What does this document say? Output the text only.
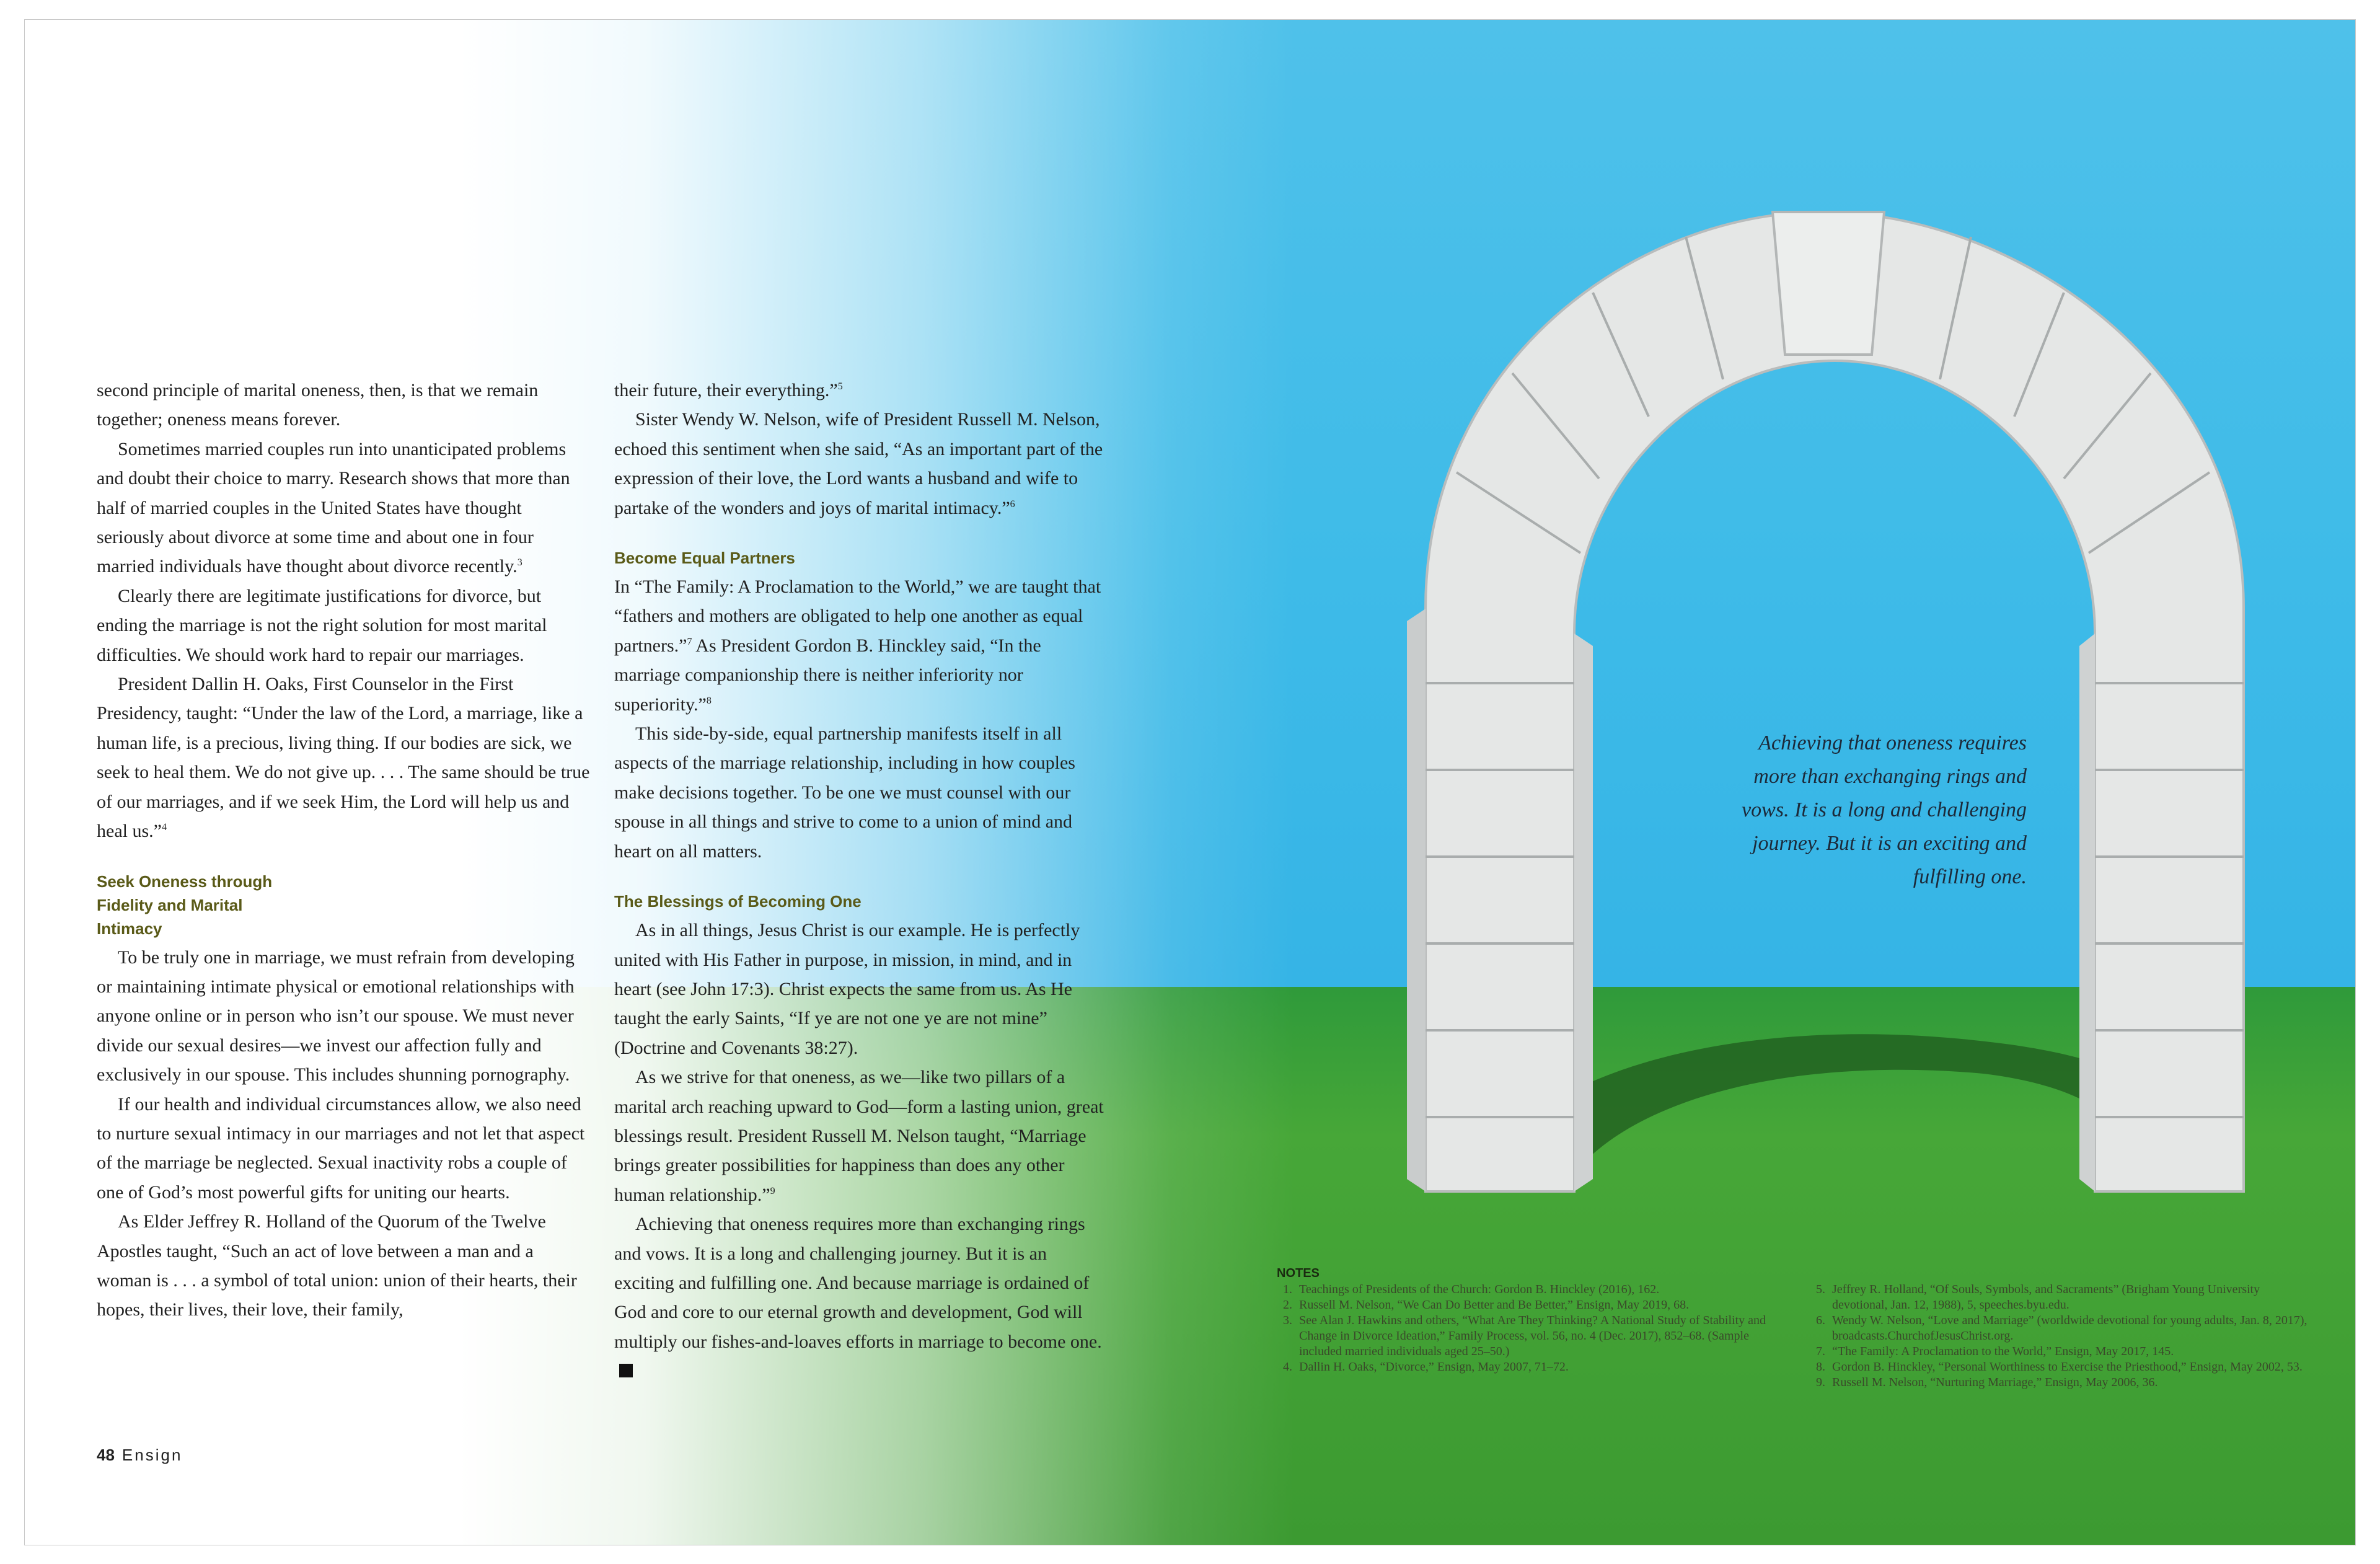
second principle of marital oneness, then, is that we remain together; oneness means forever.

Sometimes married couples run into unanticipated problems and doubt their choice to marry. Research shows that more than half of married couples in the United States have thought seriously about divorce at some time and about one in four married individuals have thought about divorce recently.$^3$

Clearly there are legitimate justifications for divorce, but ending the marriage is not the right solution for most marital difficulties. We should work hard to repair our marriages.

President Dallin H. Oaks, First Counselor in the First Presidency, taught: “Under the law of the Lord, a marriage, like a human life, is a precious, living thing. If our bodies are sick, we seek to heal them. We do not give up. . . . The same should be true of our marriages, and if we seek Him, the Lord will help us and heal us.”$^4$

Seek Oneness through Fidelity and Marital Intimacy

To be truly one in marriage, we must refrain from developing or maintaining intimate physical or emotional relationships with anyone online or in person who isn’t our spouse. We must never divide our sexual desires—we invest our affection fully and exclusively in our spouse. This includes shunning pornography.

If our health and individual circumstances allow, we also need to nurture sexual intimacy in our marriages and not let that aspect of the marriage be neglected. Sexual inactivity robs a couple of one of God’s most powerful gifts for uniting our hearts.

As Elder Jeffrey R. Holland of the Quorum of the Twelve Apostles taught, “Such an act of love between a man and a woman is . . . a symbol of total union: union of their hearts, their hopes, their lives, their love, their family,

their future, their everything.”$^5$

Sister Wendy W. Nelson, wife of President Russell M. Nelson, echoed this sentiment when she said, “As an important part of the expression of their love, the Lord wants a husband and wife to partake of the wonders and joys of marital intimacy.”$^6$

Become Equal Partners

In “The Family: A Proclamation to the World,” we are taught that “fathers and mothers are obligated to help one another as equal partners.”$^7$ As President Gordon B. Hinckley said, “In the marriage companionship there is neither inferiority nor superiority.”$^8$

This side-by-side, equal partnership manifests itself in all aspects of the marriage relationship, including in how couples make decisions together. To be one we must counsel with our spouse in all things and strive to come to a union of mind and heart on all matters.

The Blessings of Becoming One

As in all things, Jesus Christ is our example. He is perfectly united with His Father in purpose, in mission, in mind, and in heart (see John 17:3). Christ expects the same from us. As He taught the early Saints, “If ye are not one ye are not mine” (Doctrine and Covenants 38:27).

As we strive for that oneness, as we—like two pillars of a marital arch reaching upward to God—form a lasting union, great blessings result. President Russell M. Nelson taught, “Marriage brings greater possibilities for happiness than does any other human relationship.”$^9$

Achieving that oneness requires more than exchanging rings and vows. It is a long and challenging journey. But it is an exciting and fulfilling one. And because marriage is ordained of God and core to our eternal growth and development, God will multiply our fishes-and-loaves efforts in marriage to become one.

Achieving that oneness requires more than exchanging rings and vows. It is a long and challenging journey. But it is an exciting and fulfilling one.

NOTES
1. Teachings of Presidents of the Church: Gordon B. Hinckley (2016), 162.
2. Russell M. Nelson, “We Can Do Better and Be Better,” Ensign, May 2019, 68.
3. See Alan J. Hawkins and others, “What Are They Thinking? A National Study of Stability and Change in Divorce Ideation,” Family Process, vol. 56, no. 4 (Dec. 2017), 852–68. (Sample included married individuals aged 25–50.)
4. Dallin H. Oaks, “Divorce,” Ensign, May 2007, 71–72.
5. Jeffrey R. Holland, “Of Souls, Symbols, and Sacraments” (Brigham Young University devotional, Jan. 12, 1988), 5, speeches.byu.edu.
6. Wendy W. Nelson, “Love and Marriage” (worldwide devotional for young adults, Jan. 8, 2017), broadcasts.ChurchofJesusChrist.org.
7. “The Family: A Proclamation to the World,” Ensign, May 2017, 145.
8. Gordon B. Hinckley, “Personal Worthiness to Exercise the Priesthood,” Ensign, May 2002, 53.
9. Russell M. Nelson, “Nurturing Marriage,” Ensign, May 2006, 36.
48 Ensign
